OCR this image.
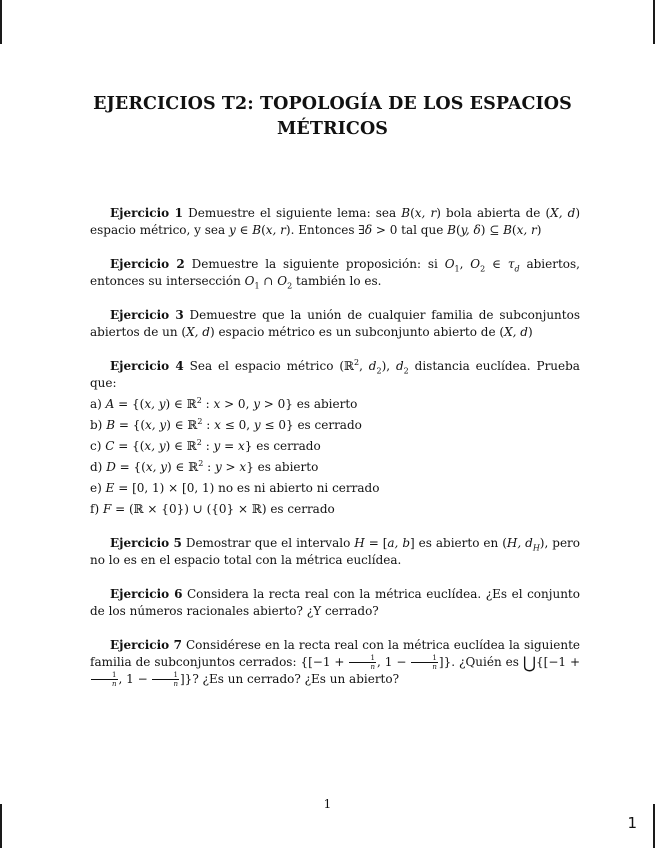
EJERCICIOS T2: TOPOLOGÍA DE LOS ESPACIOS
MÉTRICOS

Ejercicio 1 Demuestre el siguiente lema: sea B(x, r) bola abierta de (X, d) espacio métrico, y sea y ∈ B(x, r). Entonces ∃δ > 0 tal que B(y, δ) ⊆ B(x, r)

Ejercicio 2 Demuestre la siguiente proposición: si $O_1$, $O_2$ ∈ $\tau_d$ abiertos, entonces su intersección $O_1$ ∩ $O_2$ también lo es.

Ejercicio 3 Demuestre que la unión de cualquier familia de subconjuntos abiertos de un (X, d) espacio métrico es un subconjunto abierto de (X, d)

Ejercicio 4 Sea el espacio métrico (ℝ$^2$, $d_2$), $d_2$ distancia euclídea. Prueba que:

a) A = {(x, y) ∈ ℝ$^2$ : x > 0, y > 0} es abierto
b) B = {(x, y) ∈ ℝ$^2$ : x ≤ 0, y ≤ 0} es cerrado
c) C = {(x, y) ∈ ℝ$^2$ : y = x} es cerrado
d) D = {(x, y) ∈ ℝ$^2$ : y > x} es abierto
e) E = [0, 1) × [0, 1) no es ni abierto ni cerrado
f) F = (ℝ × {0}) ∪ ({0} × ℝ) es cerrado

Ejercicio 5 Demostrar que el intervalo H = [a, b] es abierto en (H, $d_H$), pero no lo es en el espacio total con la métrica euclídea.

Ejercicio 6 Considera la recta real con la métrica euclídea. ¿Es el conjunto de los números racionales abierto? ¿Y cerrado?

Ejercicio 7 Considérese en la recta real con la métrica euclídea la siguiente familia de subconjuntos cerrados: {[$-1 + \frac{1}{n}$ , $1 - \frac{1}{n}$ ]}. ¿Quién es ⋃{[−1 +
$\frac{1}{n}$ , $1 - \frac{1}{n}$ ]}? ¿Es un cerrado? ¿Es un abierto?

1
1
